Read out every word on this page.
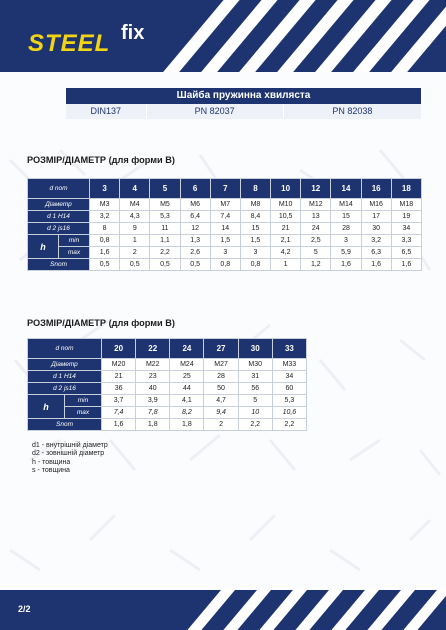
STEEL fix
Шайба пружинна хвиляста
DIN137	PN 82037	PN 82038
РОЗМІР/ДІАМЕТР (для форми В)
d nom		3	4	5	6	7	8	10	12	14	16	18
Діаметр		M3	M4	M5	M6	M7	M8	M10	M12	M14	M16	M18
d 1 H14		3,2	4,3	5,3	6,4	7,4	8,4	10,5	13	15	17	19
d 2 js16		8	9	11	12	14	15	21	24	28	30	34
h	min	0,8	1	1,1	1,3	1,5	1,5	2,1	2,5	3	3,2	3,3
	max	1,6	2	2,2	2,6	3	3	4,2	5	5,9	6,3	6,5
Snom		0,5	0,5	0,5	0,5	0,8	0,8	1	1,2	1,6	1,6	1,6
РОЗМІР/ДІАМЕТР (для форми В)
d nom		20	22	24	27	30	33
Діаметр		M20	M22	M24	M27	M30	M33
d 1 H14		21	23	25	28	31	34
d 2 js16		36	40	44	50	56	60
h	min	3,7	3,9	4,1	4,7	5	5,3
	max	7,4	7,8	8,2	9,4	10	10,6
Snom		1,6	1,8	1,8	2	2,2	2,2
d1 - внутрішній діаметр
d2 - зовнішній діаметр
h - товщина
s - товщина
2/2
